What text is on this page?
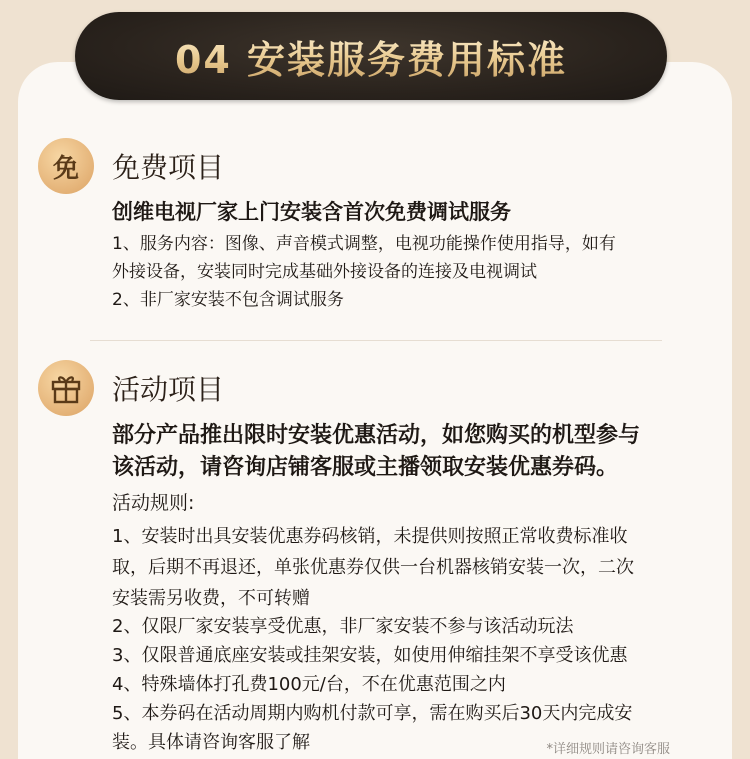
04 安装服务费用标准
免	免费项目
创维电视厂家上门安装含首次免费调试服务
1、服务内容：图像、声音模式调整，电视功能操作使用指导，如有
外接设备，安装同时完成基础外接设备的连接及电视调试
2、非厂家安装不包含调试服务
活动项目
部分产品推出限时安装优惠活动，如您购买的机型参与
该活动，请咨询店铺客服或主播领取安装优惠券码。
活动规则:
1、安装时出具安装优惠券码核销，未提供则按照正常收费标准收
取，后期不再退还，单张优惠券仅供一台机器核销安装一次，二次
安装需另收费，不可转赠
2、仅限厂家安装享受优惠，非厂家安装不参与该活动玩法
3、仅限普通底座安装或挂架安装，如使用伸缩挂架不享受该优惠
4、特殊墙体打孔费100元/台，不在优惠范围之内
5、本券码在活动周期内购机付款可享，需在购买后30天内完成安
装。具体请咨询客服了解	*详细规则请咨询客服
